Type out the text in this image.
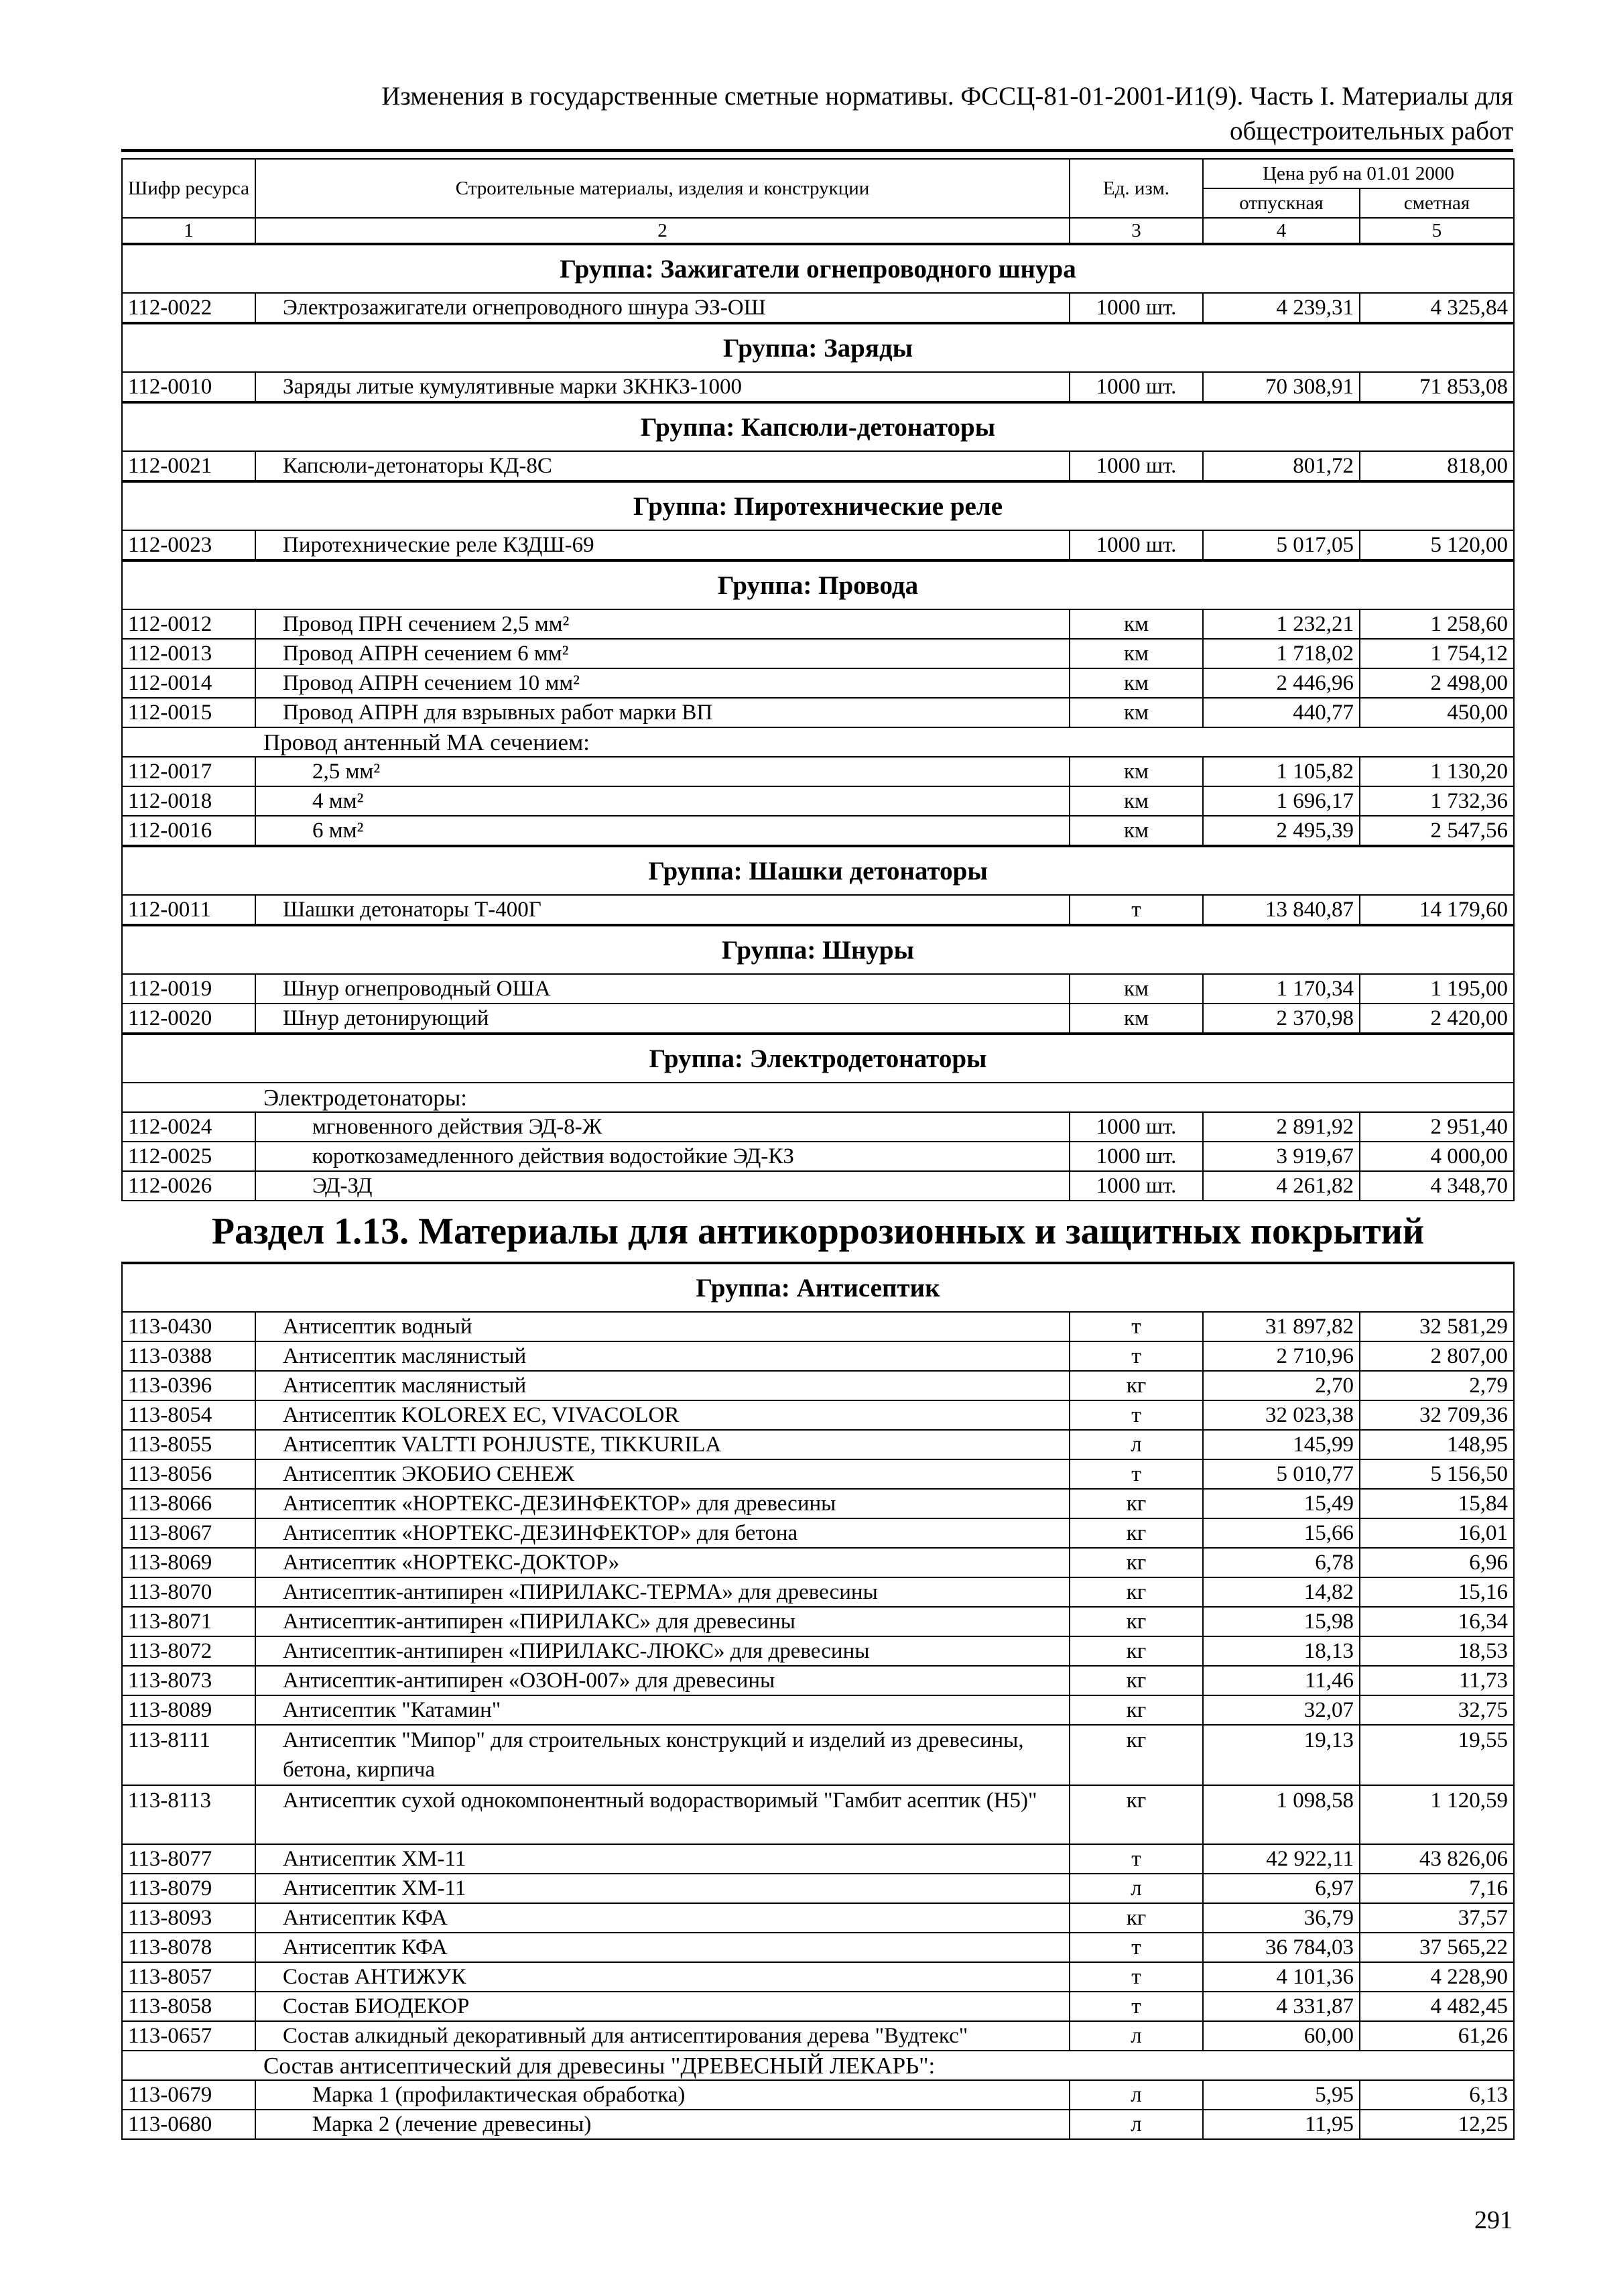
Изменения в государственные сметные нормативы. ФССЦ-81-01-2001-И1(9). Часть I. Материалы для общестроительных работ
Шифр ресурса	Строительные материалы, изделия и конструкции	Ед. изм.	Цена руб на 01.01 2000	
			отпускная	сметная
1	2	3	4	5
Группа: Зажигатели огнепроводного шнура				
112-0022	Электрозажигатели огнепроводного шнура ЭЗ-ОШ	1000 шт.	4 239,31	4 325,84
Группа: Заряды				
112-0010	Заряды литые кумулятивные марки ЗКНКЗ-1000	1000 шт.	70 308,91	71 853,08
Группа: Капсюли-детонаторы				
112-0021	Капсюли-детонаторы КД-8С	1000 шт.	801,72	818,00
Группа: Пиротехнические реле				
112-0023	Пиротехнические реле КЗДШ-69	1000 шт.	5 017,05	5 120,00
Группа: Провода				
112-0012	Провод ПРН сечением 2,5 мм²	км	1 232,21	1 258,60
112-0013	Провод АПРН сечением 6 мм²	км	1 718,02	1 754,12
112-0014	Провод АПРН сечением 10 мм²	км	2 446,96	2 498,00
112-0015	Провод АПРН для взрывных работ марки ВП	км	440,77	450,00
Провод антенный МА сечением:				
112-0017	2,5 мм²	км	1 105,82	1 130,20
112-0018	4 мм²	км	1 696,17	1 732,36
112-0016	6 мм²	км	2 495,39	2 547,56
Группа: Шашки детонаторы				
112-0011	Шашки детонаторы Т-400Г	т	13 840,87	14 179,60
Группа: Шнуры				
112-0019	Шнур огнепроводный ОША	км	1 170,34	1 195,00
112-0020	Шнур детонирующий	км	2 370,98	2 420,00
Группа: Электродетонаторы				
Электродетонаторы:				
112-0024	мгновенного действия ЭД-8-Ж	1000 шт.	2 891,92	2 951,40
112-0025	короткозамедленного действия водостойкие ЭД-КЗ	1000 шт.	3 919,67	4 000,00
112-0026	ЭД-ЗД	1000 шт.	4 261,82	4 348,70
Раздел 1.13. Материалы для антикоррозионных и защитных покрытий				
Группа: Антисептик				
113-0430	Антисептик водный	т	31 897,82	32 581,29
113-0388	Антисептик маслянистый	т	2 710,96	2 807,00
113-0396	Антисептик маслянистый	кг	2,70	2,79
113-8054	Антисептик KOLOREX EC, VIVACOLOR	т	32 023,38	32 709,36
113-8055	Антисептик VALTTI POHJUSTE, TIKKURILA	л	145,99	148,95
113-8056	Антисептик ЭКОБИО СЕНЕЖ	т	5 010,77	5 156,50
113-8066	Антисептик «НОРТЕКС-ДЕЗИНФЕКТОР» для древесины	кг	15,49	15,84
113-8067	Антисептик «НОРТЕКС-ДЕЗИНФЕКТОР» для бетона	кг	15,66	16,01
113-8069	Антисептик «НОРТЕКС-ДОКТОР»	кг	6,78	6,96
113-8070	Антисептик-антипирен «ПИРИЛАКС-ТЕРМА» для древесины	кг	14,82	15,16
113-8071	Антисептик-антипирен «ПИРИЛАКС» для древесины	кг	15,98	16,34
113-8072	Антисептик-антипирен «ПИРИЛАКС-ЛЮКС» для древесины	кг	18,13	18,53
113-8073	Антисептик-антипирен «ОЗОН-007» для древесины	кг	11,46	11,73
113-8089	Антисептик "Катамин"	кг	32,07	32,75
113-8111	Антисептик "Мипор" для строительных конструкций и изделий из древесины, бетона, кирпича	кг	19,13	19,55
113-8113	Антисептик сухой однокомпонентный водорастворимый "Гамбит асептик (Н5)"	кг	1 098,58	1 120,59
113-8077	Антисептик ХМ-11	т	42 922,11	43 826,06
113-8079	Антисептик ХМ-11	л	6,97	7,16
113-8093	Антисептик КФА	кг	36,79	37,57
113-8078	Антисептик КФА	т	36 784,03	37 565,22
113-8057	Состав АНТИЖУК	т	4 101,36	4 228,90
113-8058	Состав БИОДЕКОР	т	4 331,87	4 482,45
113-0657	Состав алкидный декоративный для антисептирования дерева "Вудтекс"	л	60,00	61,26
Состав антисептический для древесины "ДРЕВЕСНЫЙ ЛЕКАРЬ":				
113-0679	Марка 1 (профилактическая обработка)	л	5,95	6,13
113-0680	Марка 2 (лечение древесины)	л	11,95	12,25
291
